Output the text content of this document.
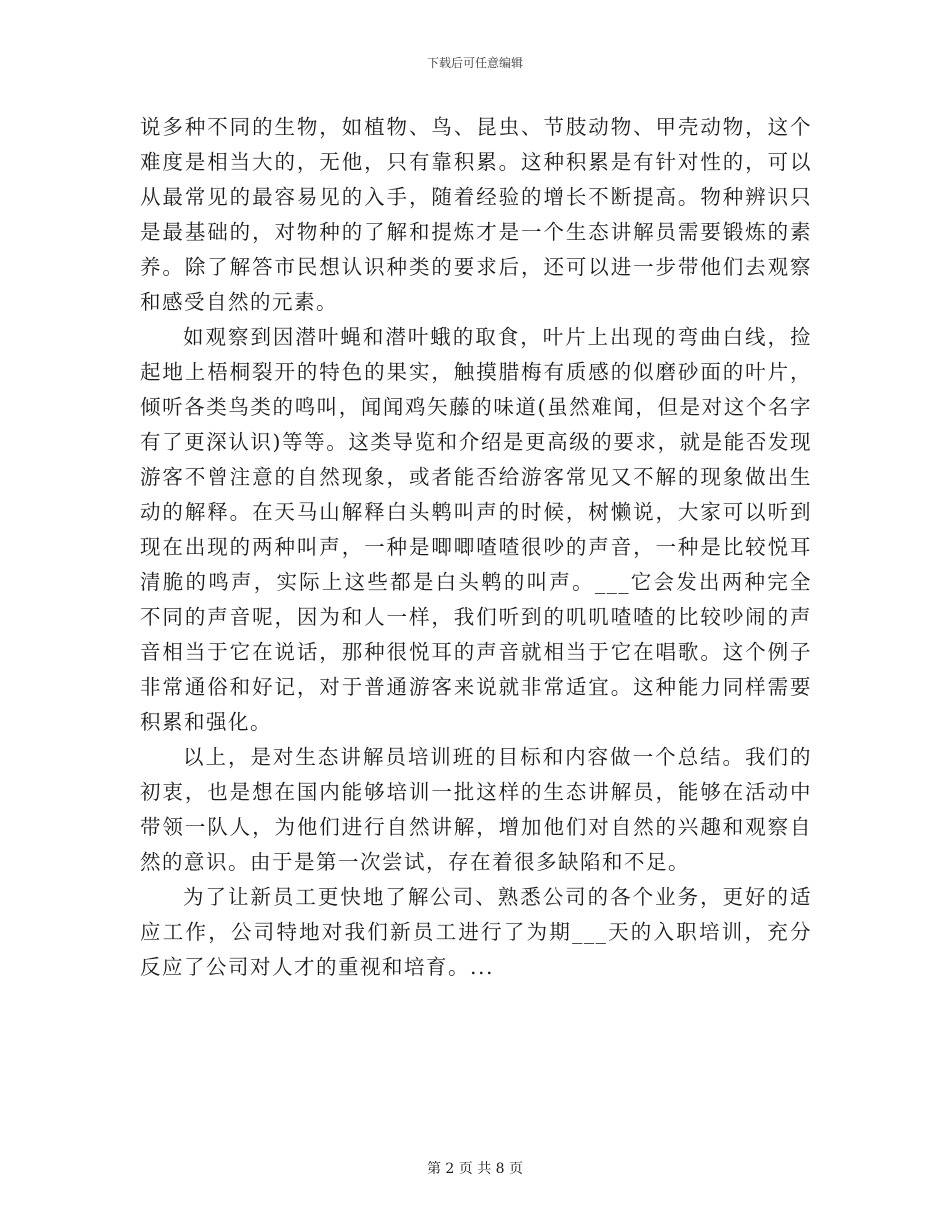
下载后可任意编辑

说多种不同的生物，如植物、鸟、昆虫、节肢动物、甲壳动物，这个难度是相当大的，无他，只有靠积累。这种积累是有针对性的，可以从最常见的最容易见的入手，随着经验的增长不断提高。物种辨识只是最基础的，对物种的了解和提炼才是一个生态讲解员需要锻炼的素养。除了解答市民想认识种类的要求后，还可以进一步带他们去观察和感受自然的元素。

如观察到因潜叶蝇和潜叶蛾的取食，叶片上出现的弯曲白线，捡起地上梧桐裂开的特色的果实，触摸腊梅有质感的似磨砂面的叶片，倾听各类鸟类的鸣叫，闻闻鸡矢藤的味道(虽然难闻，但是对这个名字有了更深认识)等等。这类导览和介绍是更高级的要求，就是能否发现游客不曾注意的自然现象，或者能否给游客常见又不解的现象做出生动的解释。在天马山解释白头鹎叫声的时候，树懒说，大家可以听到现在出现的两种叫声，一种是唧唧喳喳很吵的声音，一种是比较悦耳清脆的鸣声，实际上这些都是白头鹎的叫声。___它会发出两种完全不同的声音呢，因为和人一样，我们听到的叽叽喳喳的比较吵闹的声音相当于它在说话，那种很悦耳的声音就相当于它在唱歌。这个例子非常通俗和好记，对于普通游客来说就非常适宜。这种能力同样需要积累和强化。

以上，是对生态讲解员培训班的目标和内容做一个总结。我们的初衷，也是想在国内能够培训一批这样的生态讲解员，能够在活动中带领一队人，为他们进行自然讲解，增加他们对自然的兴趣和观察自然的意识。由于是第一次尝试，存在着很多缺陷和不足。

为了让新员工更快地了解公司、熟悉公司的各个业务，更好的适应工作，公司特地对我们新员工进行了为期___天的入职培训，充分反应了公司对人才的重视和培育。...

第 2 页 共 8 页
